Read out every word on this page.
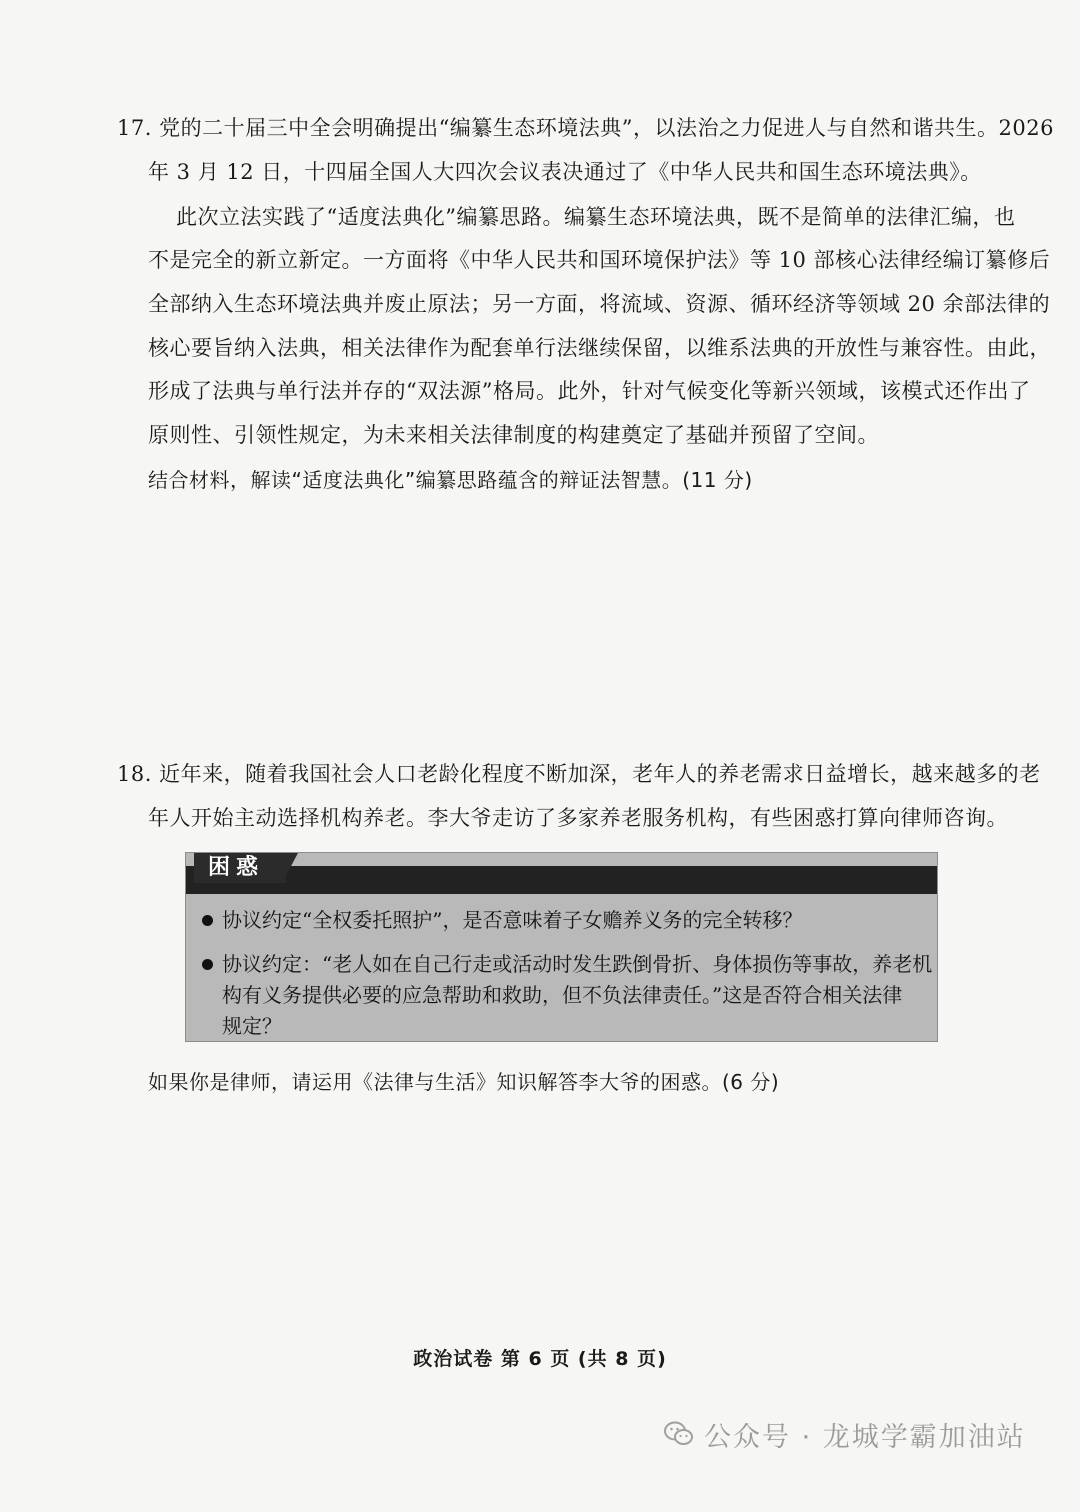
17. 党的二十届三中全会明确提出“编纂生态环境法典”，以法治之力促进人与自然和谐共生。2026
年 3 月 12 日，十四届全国人大四次会议表决通过了《中华人民共和国生态环境法典》。
此次立法实践了“适度法典化”编纂思路。编纂生态环境法典，既不是简单的法律汇编，也
不是完全的新立新定。一方面将《中华人民共和国环境保护法》等 10 部核心法律经编订纂修后
全部纳入生态环境法典并废止原法；另一方面，将流域、资源、循环经济等领域 20 余部法律的
核心要旨纳入法典，相关法律作为配套单行法继续保留，以维系法典的开放性与兼容性。由此，
形成了法典与单行法并存的“双法源”格局。此外，针对气候变化等新兴领域，该模式还作出了
原则性、引领性规定，为未来相关法律制度的构建奠定了基础并预留了空间。
结合材料，解读“适度法典化”编纂思路蕴含的辩证法智慧。(11 分)
18. 近年来，随着我国社会人口老龄化程度不断加深，老年人的养老需求日益增长，越来越多的老
年人开始主动选择机构养老。李大爷走访了多家养老服务机构，有些困惑打算向律师咨询。
困惑
协议约定“全权委托照护”，是否意味着子女赡养义务的完全转移？
协议约定：“老人如在自己行走或活动时发生跌倒骨折、身体损伤等事故，养老机
构有义务提供必要的应急帮助和救助，但不负法律责任。”这是否符合相关法律
规定？
如果你是律师，请运用《法律与生活》知识解答李大爷的困惑。(6 分)
政治试卷 第 6 页 (共 8 页)
公众号 · 龙城学霸加油站
